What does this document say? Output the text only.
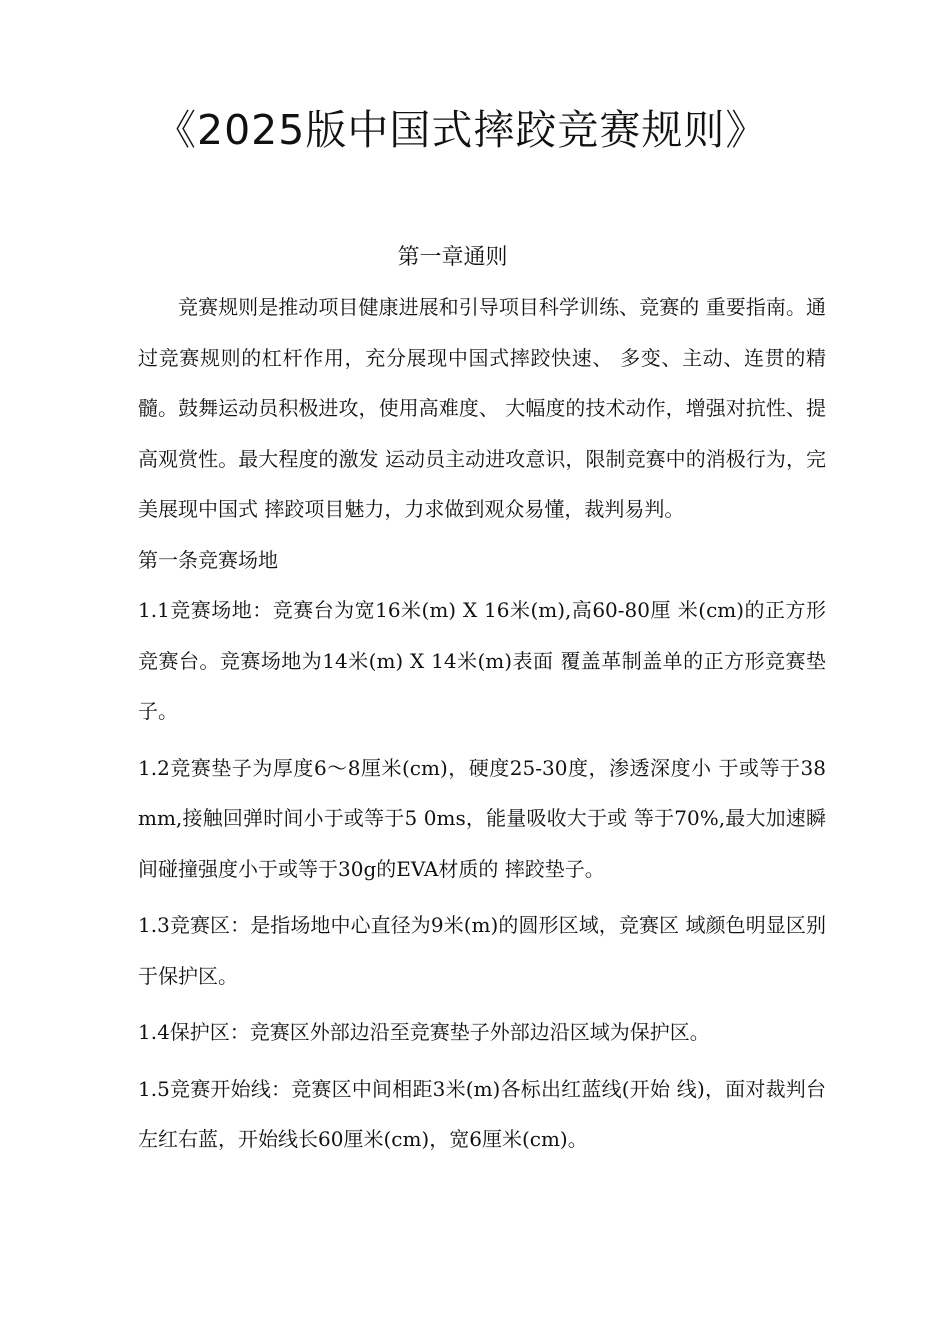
《2025版中国式摔跤竞赛规则》
第一章通则

竞赛规则是推动项目健康进展和引导项目科学训练、竞赛的 重要指南。通过竞赛规则的杠杆作用，充分展现中国式摔跤快速、 多变、主动、连贯的精髓。鼓舞运动员积极进攻，使用高难度、 大幅度的技术动作，增强对抗性、提高观赏性。最大程度的激发 运动员主动进攻意识，限制竞赛中的消极行为，完美展现中国式 摔跤项目魅力，力求做到观众易懂，裁判易判。

第一条竞赛场地

1.1竞赛场地：竞赛台为宽16米(m) X 16米(m),高60-80厘 米(cm)的正方形竞赛台。竞赛场地为14米(m) X 14米(m)表面 覆盖革制盖单的正方形竞赛垫子。

1.2竞赛垫子为厚度6〜8厘米(cm)，硬度25-30度，渗透深度小 于或等于38mm,接触回弹时间小于或等于5 0ms，能量吸收大于或 等于70%,最大加速瞬间碰撞强度小于或等于30g的EVA材质的 摔跤垫子。

1.3竞赛区：是指场地中心直径为9米(m)的圆形区域，竞赛区 域颜色明显区别于保护区。

1.4保护区：竞赛区外部边沿至竞赛垫子外部边沿区域为保护区。

1.5竞赛开始线：竞赛区中间相距3米(m)各标出红蓝线(开始 线)，面对裁判台左红右蓝，开始线长60厘米(cm)，宽6厘米(cm)。
